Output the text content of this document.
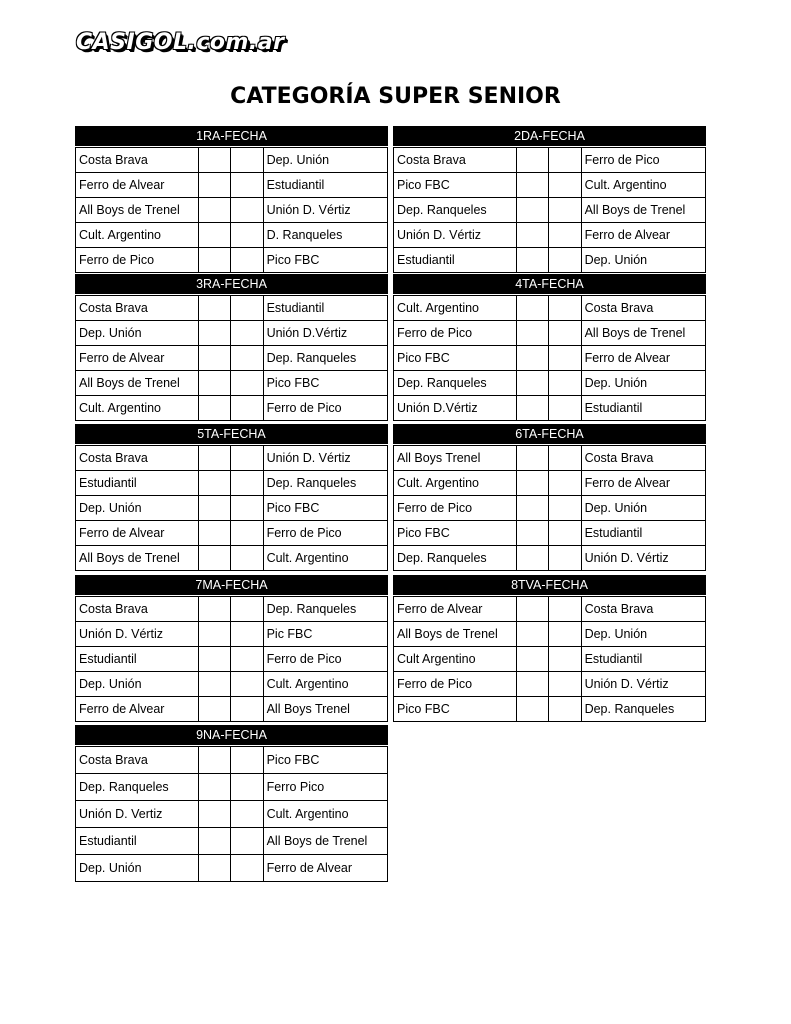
CASIGOL.com.ar
CATEGORÍA SUPER SENIOR
1RA-FECHA
Costa Brava			Dep. Unión
Ferro de Alvear			Estudiantil
All Boys de Trenel			Unión D. Vértiz
Cult. Argentino			D. Ranqueles
Ferro de Pico			Pico FBC
2DA-FECHA
Costa Brava			Ferro de Pico
Pico FBC			Cult. Argentino
Dep. Ranqueles			All Boys de Trenel
Unión D. Vértiz			Ferro de Alvear
Estudiantil			Dep. Unión
3RA-FECHA
Costa Brava			Estudiantil
Dep. Unión			Unión D.Vértiz
Ferro de Alvear			Dep. Ranqueles
All Boys de Trenel			Pico FBC
Cult. Argentino			Ferro de Pico
4TA-FECHA
Cult. Argentino			Costa Brava
Ferro de Pico			All Boys de Trenel
Pico FBC			Ferro de Alvear
Dep. Ranqueles			Dep. Unión
Unión D.Vértiz			Estudiantil
5TA-FECHA
Costa Brava			Unión D. Vértiz
Estudiantil			Dep. Ranqueles
Dep. Unión			Pico FBC
Ferro de Alvear			Ferro de Pico
All Boys de Trenel			Cult. Argentino
6TA-FECHA
All Boys Trenel			Costa Brava
Cult. Argentino			Ferro de Alvear
Ferro de Pico			Dep. Unión
Pico FBC			Estudiantil
Dep. Ranqueles			Unión D. Vértiz
7MA-FECHA
Costa Brava			Dep. Ranqueles
Unión D. Vértiz			Pic FBC
Estudiantil			Ferro de Pico
Dep. Unión			Cult. Argentino
Ferro de Alvear			All Boys Trenel
8TVA-FECHA
Ferro de Alvear			Costa Brava
All Boys de Trenel			Dep. Unión
Cult Argentino			Estudiantil
Ferro de Pico			Unión D. Vértiz
Pico FBC			Dep. Ranqueles
9NA-FECHA
Costa Brava			Pico FBC
Dep. Ranqueles			Ferro Pico
Unión D. Vertiz			Cult. Argentino
Estudiantil			All Boys de Trenel
Dep. Unión			Ferro de Alvear
